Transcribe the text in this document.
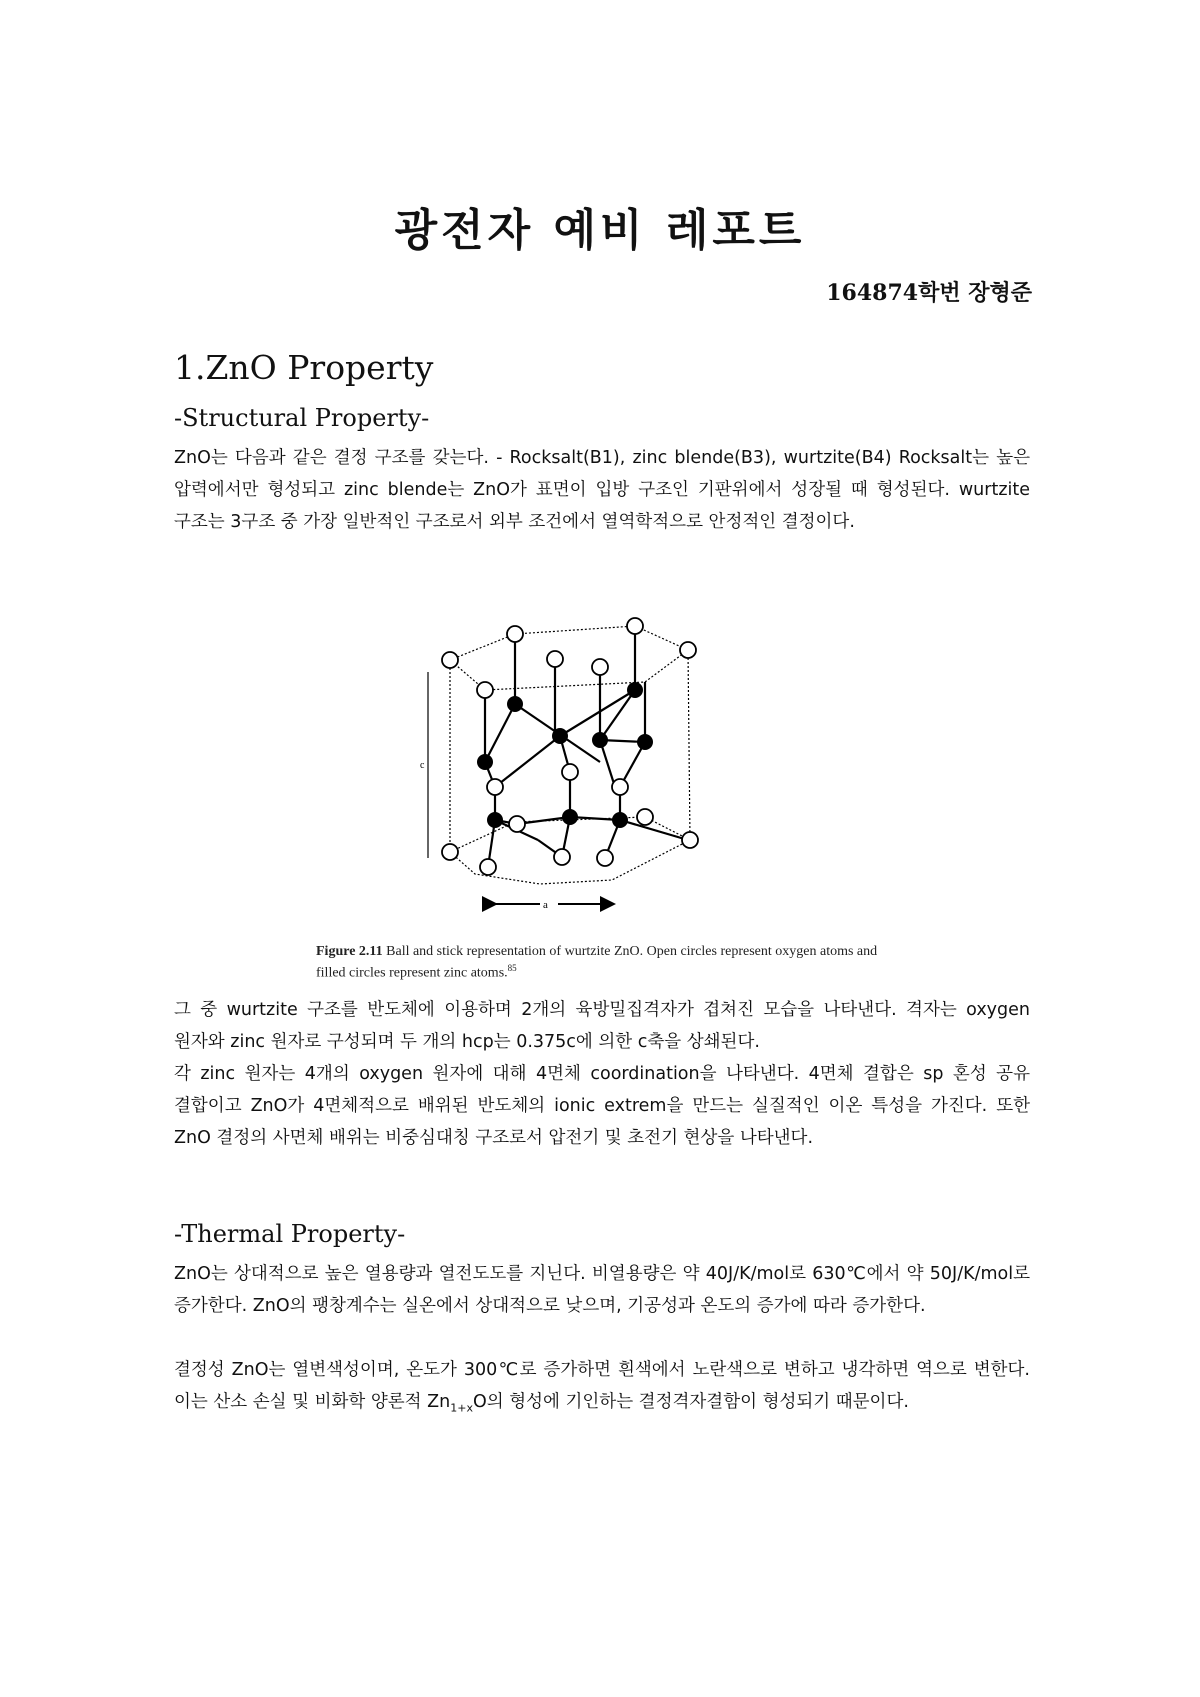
광전자 예비 레포트
164874학번 장형준
1.ZnO Property
-Structural Property-

ZnO는 다음과 같은 결정 구조를 갖는다. - Rocksalt(B1), zinc blende(B3), wurtzite(B4) Rocksalt는 높은 압력에서만 형성되고 zinc blende는 ZnO가 표면이 입방 구조인 기판위에서 성장될 때 형성된다. wurtzite 구조는 3구조 중 가장 일반적인 구조로서 외부 조건에서 열역학적으로 안정적인 결정이다.

a
c
Figure 2.11 Ball and stick representation of wurtzite ZnO. Open circles represent oxygen atoms and filled circles represent zinc atoms.$^{85}$

그 중 wurtzite 구조를 반도체에 이용하며 2개의 육방밀집격자가 겹쳐진 모습을 나타낸다. 격자는 oxygen 원자와 zinc 원자로 구성되며 두 개의 hcp는 0.375c에 의한 c축을 상쇄된다.

각 zinc 원자는 4개의 oxygen 원자에 대해 4면체 coordination을 나타낸다. 4면체 결합은 sp 혼성 공유 결합이고 ZnO가 4면체적으로 배위된 반도체의 ionic extrem을 만드는 실질적인 이온 특성을 가진다. 또한 ZnO 결정의 사면체 배위는 비중심대칭 구조로서 압전기 및 초전기 현상을 나타낸다.

-Thermal Property-

ZnO는 상대적으로 높은 열용량과 열전도도를 지닌다. 비열용량은 약 40J/K/mol로 630℃에서 약 50J/K/mol로 증가한다. ZnO의 팽창계수는 실온에서 상대적으로 낮으며, 기공성과 온도의 증가에 따라 증가한다.

결정성 ZnO는 열변색성이며, 온도가 300℃로 증가하면 흰색에서 노란색으로 변하고 냉각하면 역으로 변한다. 이는 산소 손실 및 비화학 양론적 $Zn_{1+x}O$의 형성에 기인하는 결정격자결함이 형성되기 때문이다.
